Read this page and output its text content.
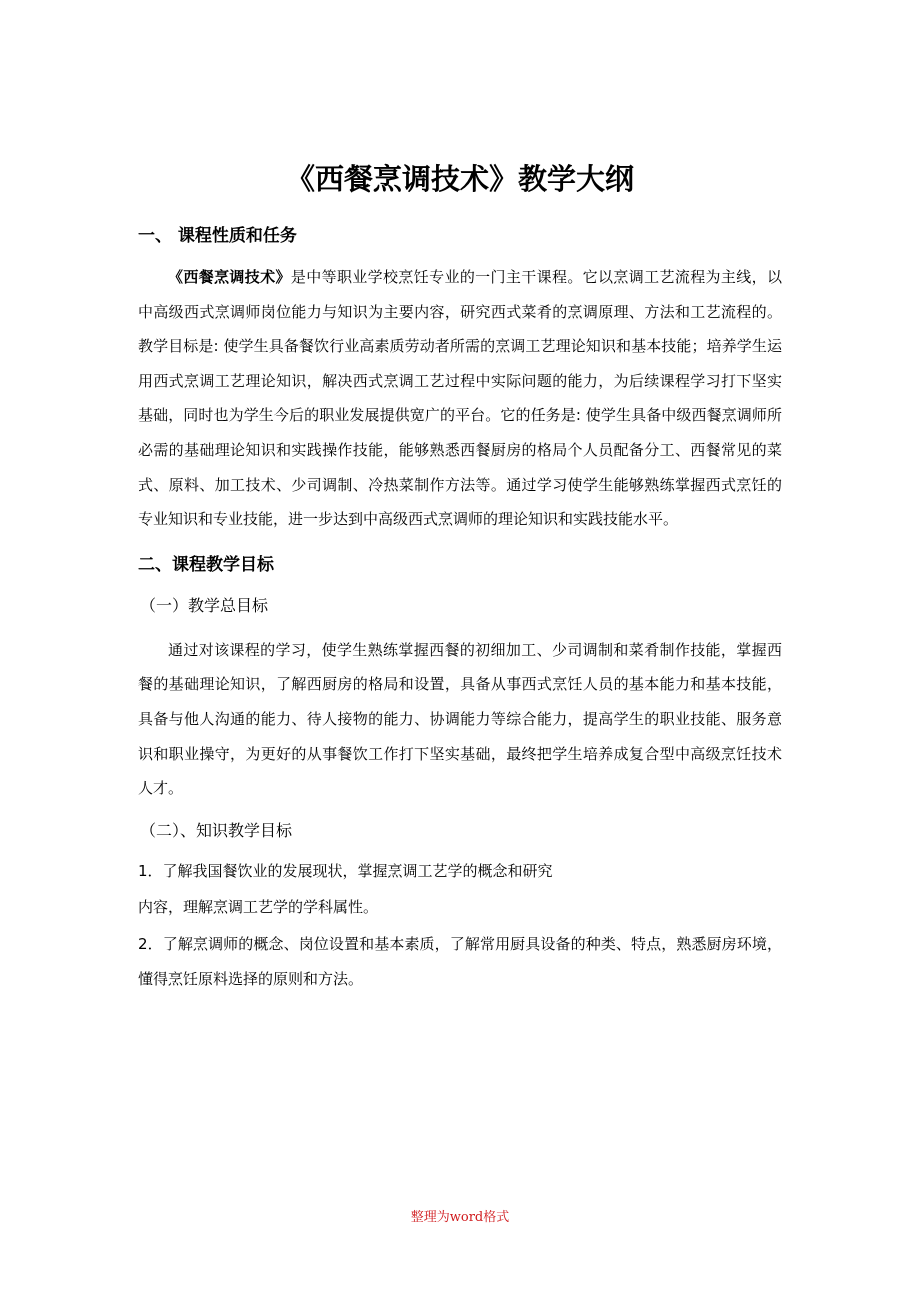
《西餐烹调技术》教学大纲
一、 课程性质和任务

《西餐烹调技术》是中等职业学校烹饪专业的一门主干课程。它以烹调工艺流程为主线，以中高级西式烹调师岗位能力与知识为主要内容，研究西式菜肴的烹调原理、方法和工艺流程的。教学目标是: 使学生具备餐饮行业高素质劳动者所需的烹调工艺理论知识和基本技能；培养学生运用西式烹调工艺理论知识，解决西式烹调工艺过程中实际问题的能力，为后续课程学习打下坚实基础，同时也为学生今后的职业发展提供宽广的平台。它的任务是: 使学生具备中级西餐烹调师所必需的基础理论知识和实践操作技能，能够熟悉西餐厨房的格局个人员配备分工、西餐常见的菜式、原料、加工技术、少司调制、冷热菜制作方法等。通过学习使学生能够熟练掌握西式烹饪的专业知识和专业技能，进一步达到中高级西式烹调师的理论知识和实践技能水平。

二、课程教学目标
（一）教学总目标

通过对该课程的学习，使学生熟练掌握西餐的初细加工、少司调制和菜肴制作技能，掌握西餐的基础理论知识，了解西厨房的格局和设置，具备从事西式烹饪人员的基本能力和基本技能，具备与他人沟通的能力、待人接物的能力、协调能力等综合能力，提高学生的职业技能、服务意识和职业操守，为更好的从事餐饮工作打下坚实基础，最终把学生培养成复合型中高级烹饪技术人才。

（二）、知识教学目标

1．了解我国餐饮业的发展现状，掌握烹调工艺学的概念和研究

内容，理解烹调工艺学的学科属性。

2．了解烹调师的概念、岗位设置和基本素质，了解常用厨具设备的种类、特点，熟悉厨房环境，懂得烹饪原料选择的原则和方法。

整理为word格式
